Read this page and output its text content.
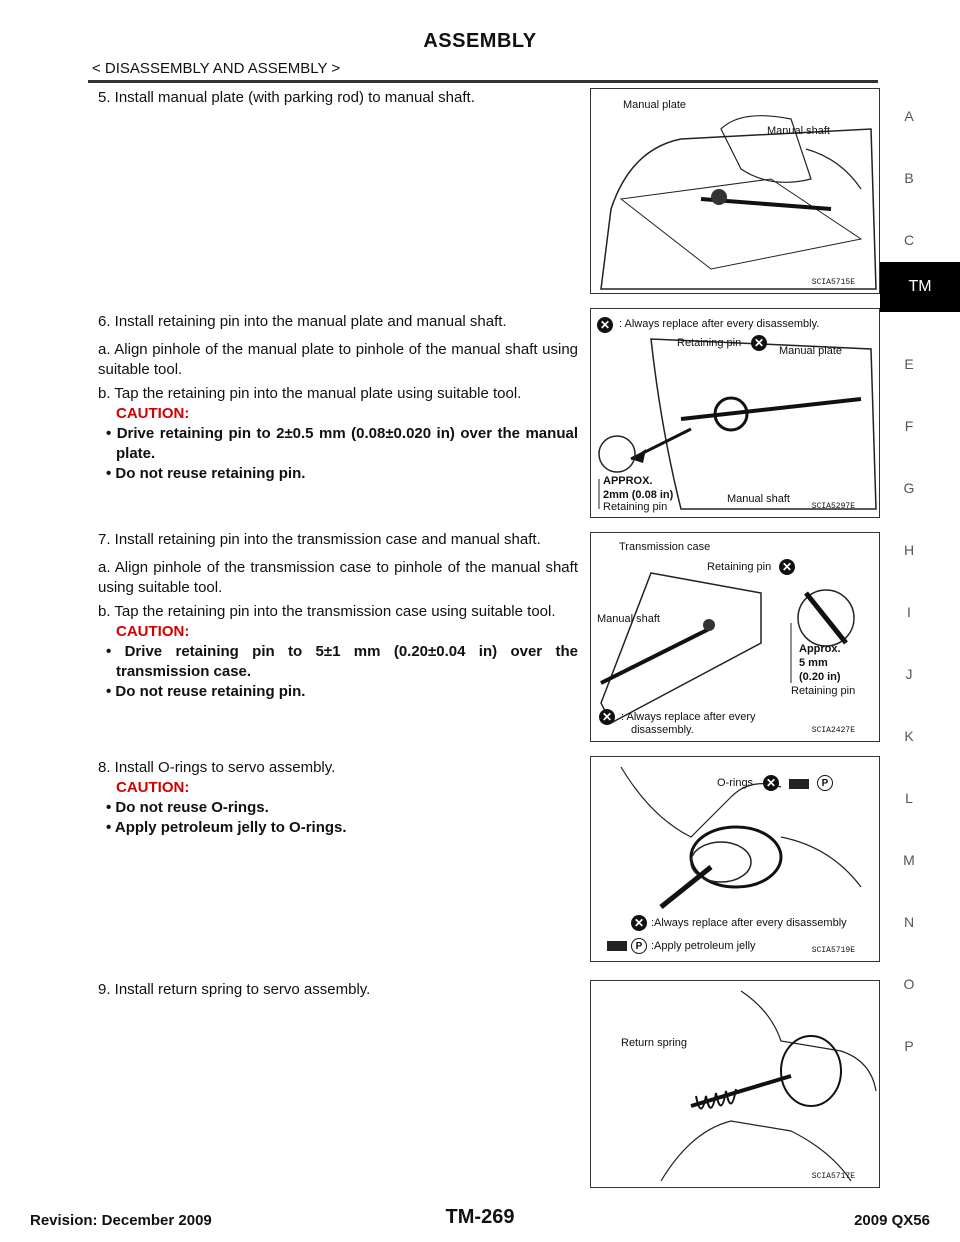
ASSEMBLY
< DISASSEMBLY AND ASSEMBLY >
A
B
C
TM
E
F
G
H
I
J
K
L
M
N
O
P
5. Install manual plate (with parking rod) to manual shaft.
6. Install retaining pin into the manual plate and manual shaft.
a. Align pinhole of the manual plate to pinhole of the manual shaft using suitable tool.
b. Tap the retaining pin into the manual plate using suitable tool.
CAUTION:
• Drive retaining pin to 2±0.5 mm (0.08±0.020 in) over the manual plate.
• Do not reuse retaining pin.
7. Install retaining pin into the transmission case and manual shaft.
a. Align pinhole of the transmission case to pinhole of the manual shaft using suitable tool.
b. Tap the retaining pin into the transmission case using suitable tool.
CAUTION:
• Drive retaining pin to 5±1 mm (0.20±0.04 in) over the transmission case.
• Do not reuse retaining pin.
8. Install O-rings to servo assembly.
CAUTION:
• Do not reuse O-rings.
• Apply petroleum jelly to O-rings.
9. Install return spring to servo assembly.
Manual plate
Manual shaft
SCIA5715E
✕ : Always replace after every disassembly.
Retaining pin ✕
Manual plate
APPROX.
2mm (0.08 in)
Retaining pin
Manual shaft
SCIA5297E
Transmission case
Retaining pin ✕
Manual shaft
Approx.
5 mm
(0.20 in)
Retaining pin
✕ : Always replace after every
disassembly.	SCIA2427E
O-rings ✕	P
✕ :Always replace after every disassembly
P :Apply petroleum jelly	SCIA5719E
Return spring
SCIA5717E
Revision: December 2009	TM-269	2009 QX56
